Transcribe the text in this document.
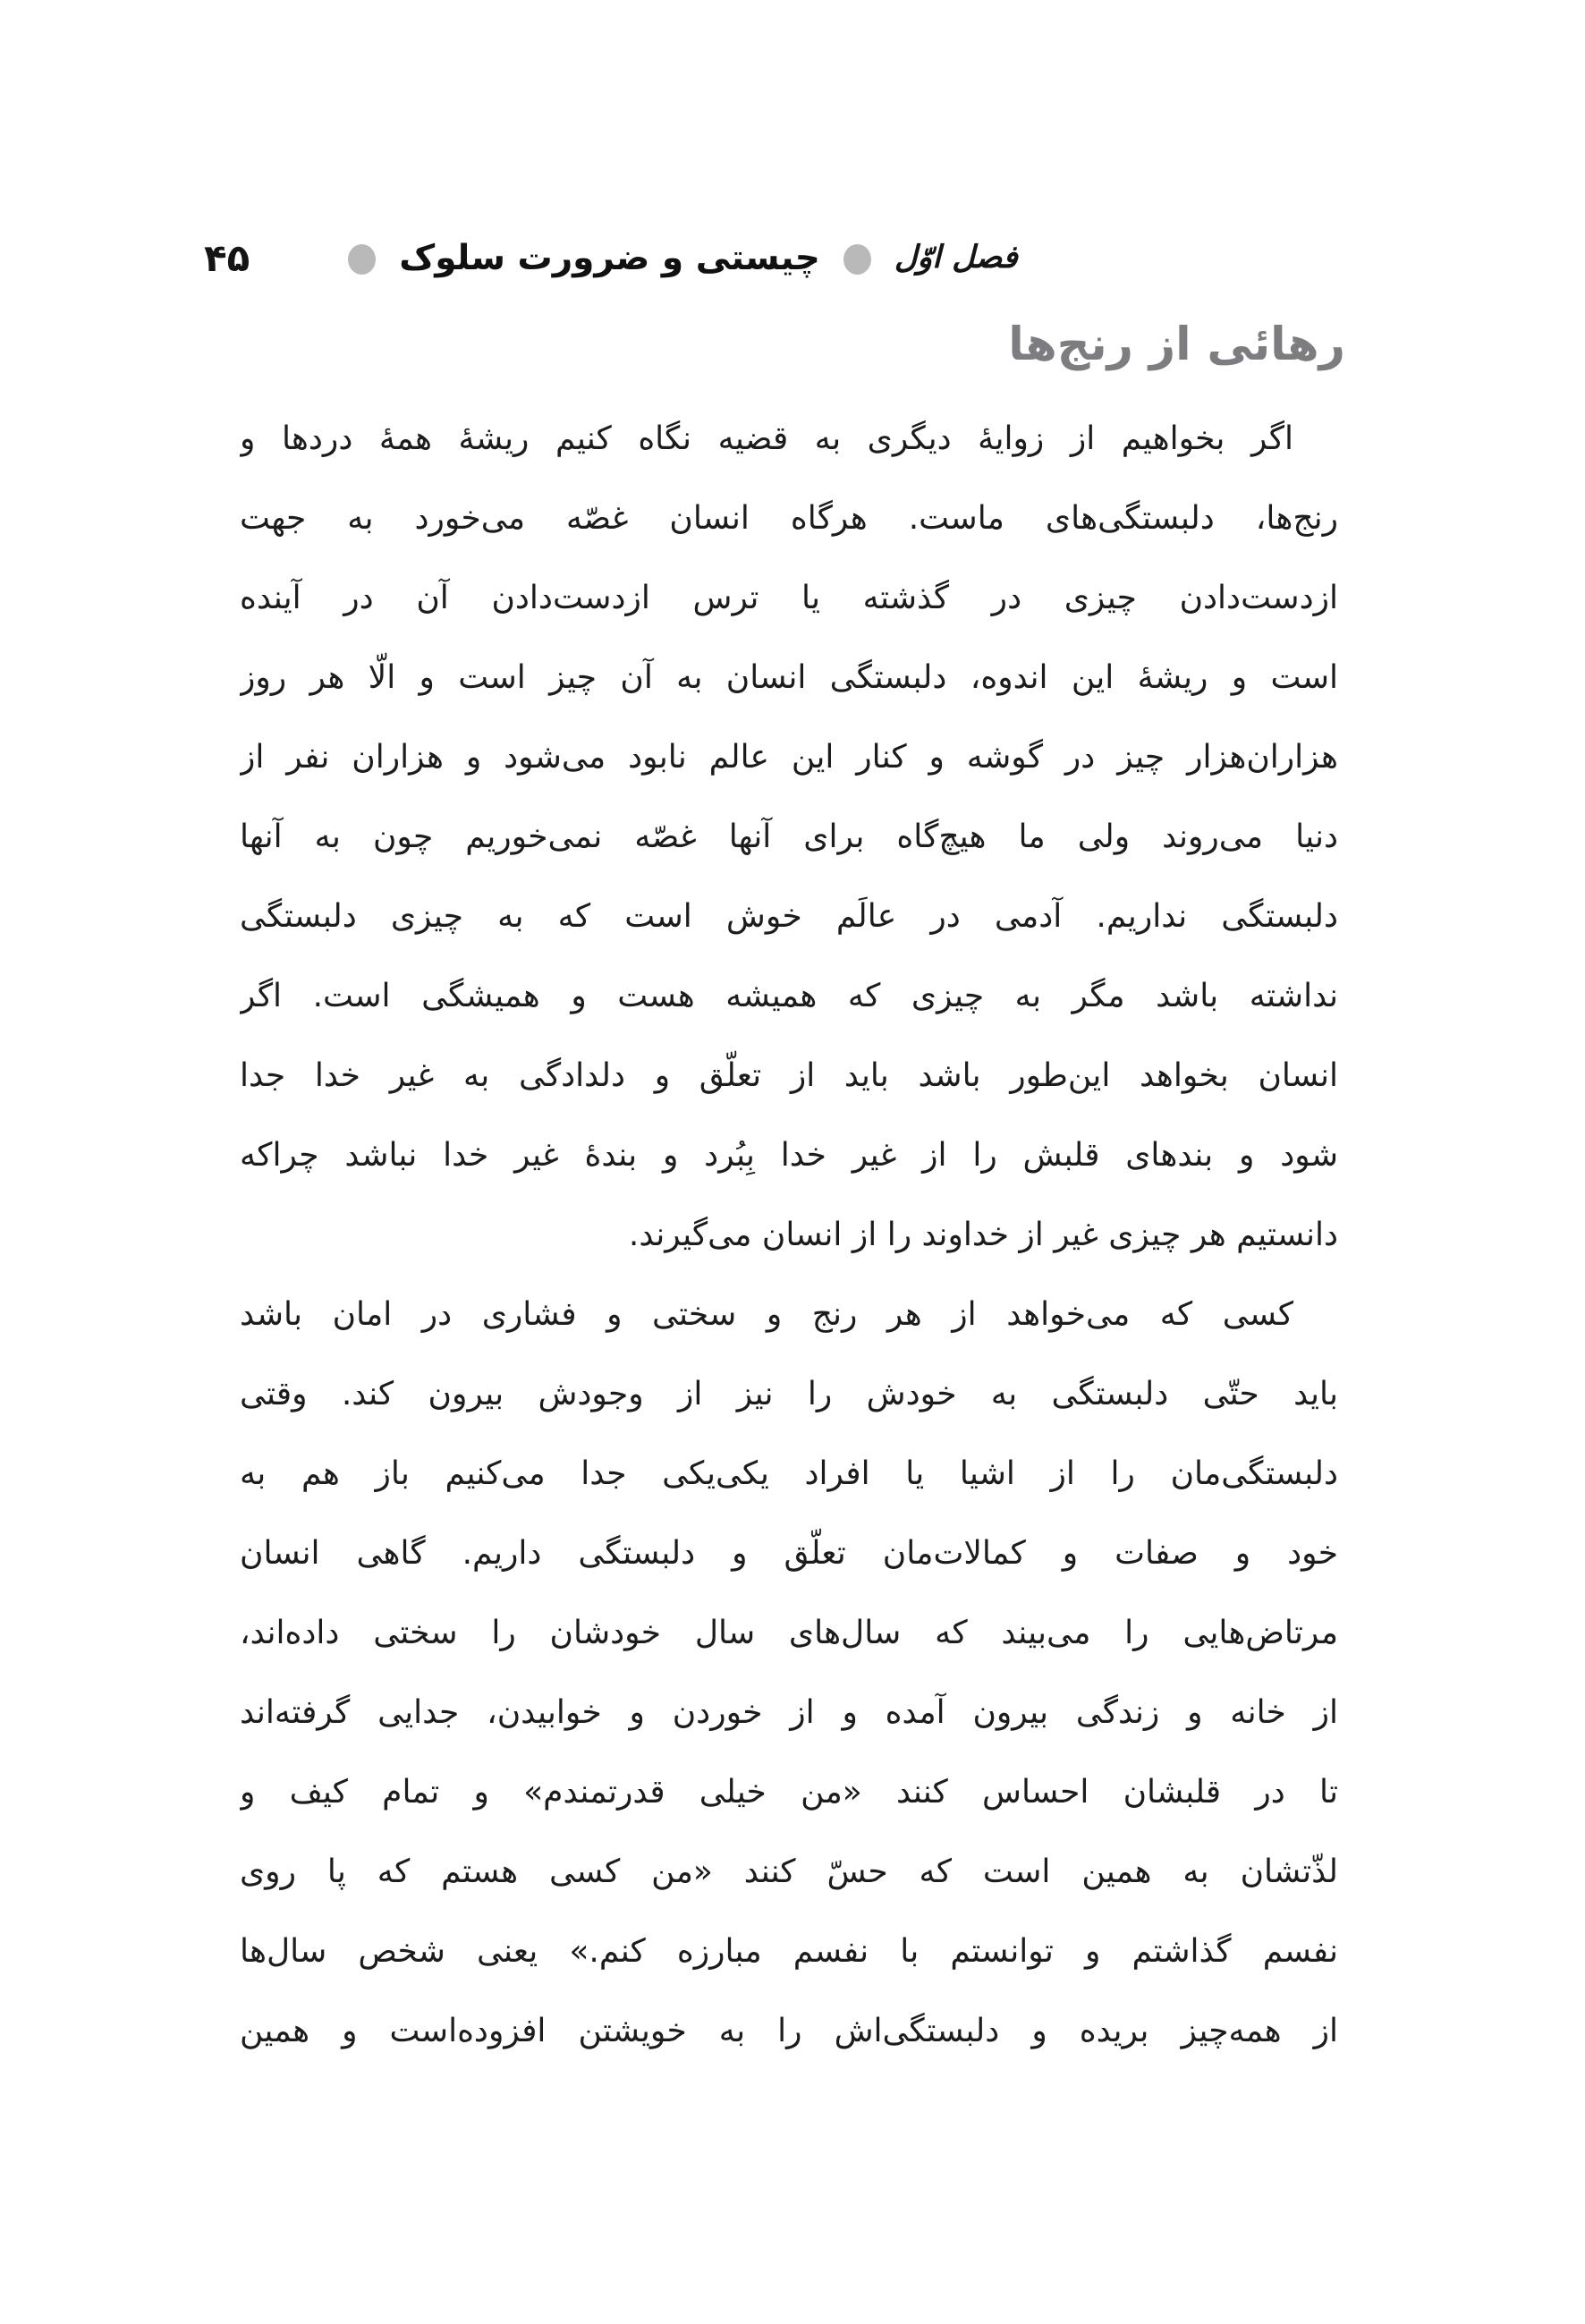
فصل اوّل
چیستی و ضرورت سلوک
۴۵
رهائی از رنج‌ها
اگر بخواهیم از زوایهٔ دیگری به قضیه نگاه کنیم ریشهٔ همهٔ دردها و
رنج‌ها، دلبستگی‌های ماست. هرگاه انسان غصّه می‌خورد به جهت
ازدست‌دادن چیزی در گذشته یا ترس ازدست‌دادن آن در آینده
است و ریشهٔ این اندوه، دلبستگی انسان به آن چیز است و الّا هر روز
هزاران‌هزار چیز در گوشه و کنار این عالم نابود می‌شود و هزاران نفر از
دنیا می‌روند ولی ما هیچ‌گاه برای آنها غصّه نمی‌خوریم چون به آنها
دلبستگی نداریم. آدمی در عالَم خوش است که به چیزی دلبستگی
نداشته باشد مگر به چیزی که همیشه هست و همیشگی است. اگر
انسان بخواهد این‌طور باشد باید از تعلّق و دلدادگی به غیر خدا جدا
شود و بندهای قلبش را از غیر خدا بِبُرد و بندهٔ غیر خدا نباشد چراکه
دانستیم هر چیزی غیر از خداوند را از انسان می‌گیرند.
کسی که می‌خواهد از هر رنج و سختی و فشاری در امان باشد
باید حتّی دلبستگی به خودش را نیز از وجودش بیرون کند. وقتی
دلبستگی‌مان را از اشیا یا افراد یکی‌یکی جدا می‌کنیم باز هم به
خود و صفات و کمالات‌مان تعلّق و دلبستگی داریم. گاهی انسان
مرتاض‌هایی را می‌بیند که سال‌های سال خودشان را سختی داده‌اند،
از خانه و زندگی بیرون آمده و از خوردن و خوابیدن، جدایی گرفته‌اند
تا در قلبشان احساس کنند «من خیلی قدرتمندم» و تمام کیف و
لذّتشان به همین است که حسّ کنند «من کسی هستم که پا روی
نفسم گذاشتم و توانستم با نفسم مبارزه کنم.» یعنی شخص سال‌ها
از همه‌چیز بریده و دلبستگی‌اش را به خویشتن افزوده‌است و همین
